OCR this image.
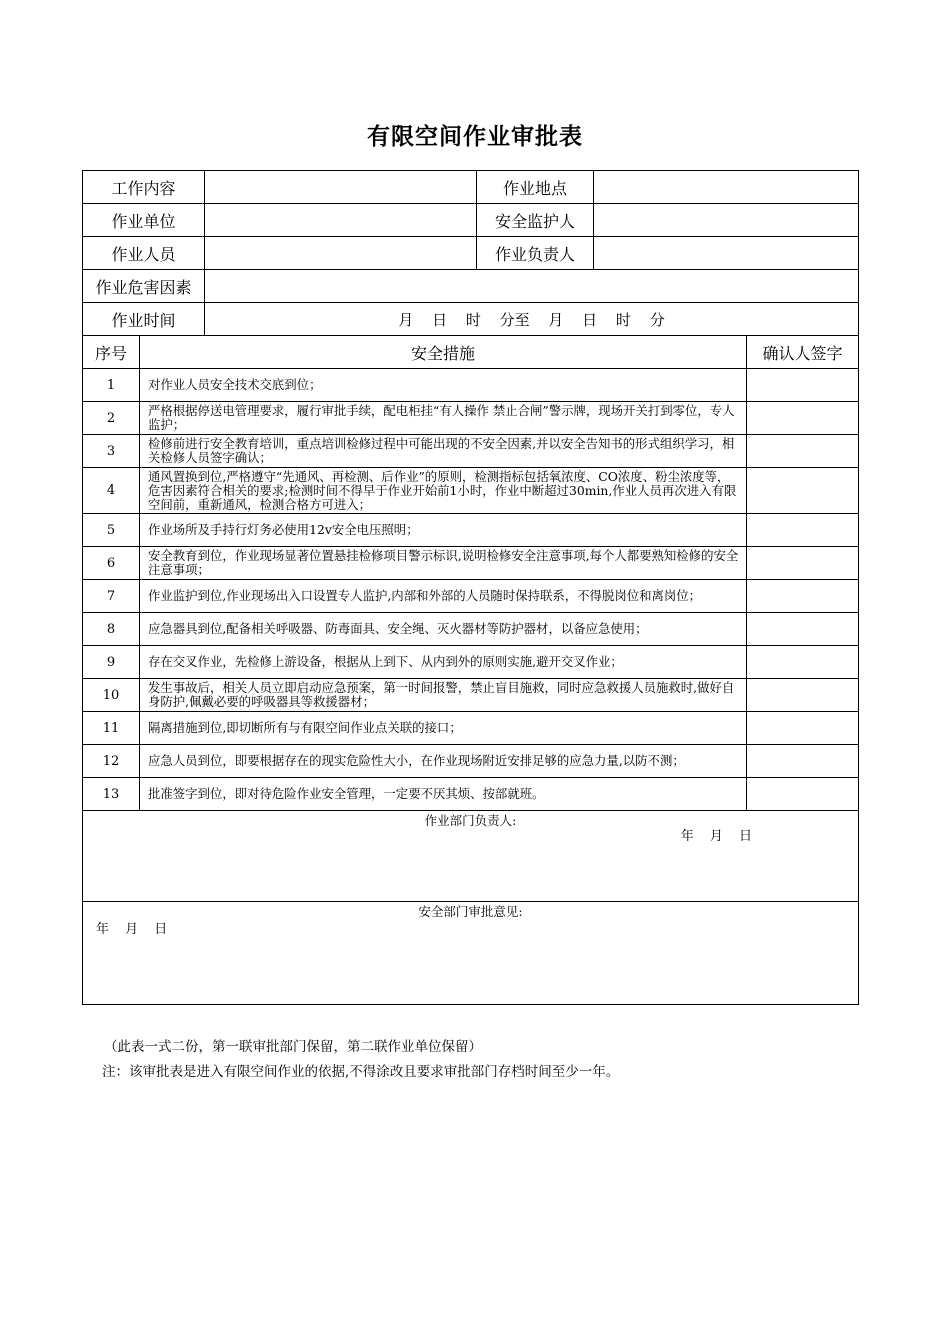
有限空间作业审批表
工作内容			作业地点		
作业单位			安全监护人		
作业人员			作业负责人		
作业危害因素					
作业时间		月 日 时 分至 月 日 时 分			
序号	安全措施				确认人签字
1	对作业人员安全技术交底到位；				
2	严格根据停送电管理要求，履行审批手续，配电柜挂“有人操作 禁止合闸”警示牌，现场开关打到零位，专人监护；				
3	检修前进行安全教育培训，重点培训检修过程中可能出现的不安全因素,并以安全告知书的形式组织学习，相关检修人员签字确认；				
4	通风置换到位,严格遵守“先通风、再检测、后作业”的原则，检测指标包括氧浓度、CO浓度、粉尘浓度等，危害因素符合相关的要求;检测时间不得早于作业开始前1小时，作业中断超过30min,作业人员再次进入有限空间前，重新通风，检测合格方可进入；				
5	作业场所及手持行灯务必使用12v安全电压照明；				
6	安全教育到位，作业现场显著位置悬挂检修项目警示标识,说明检修安全注意事项,每个人都要熟知检修的安全注意事项；				
7	作业监护到位,作业现场出入口设置专人监护,内部和外部的人员随时保持联系，不得脱岗位和离岗位；				
8	应急器具到位,配备相关呼吸器、防毒面具、安全绳、灭火器材等防护器材，以备应急使用；				
9	存在交叉作业，先检修上游设备，根据从上到下、从内到外的原则实施,避开交叉作业；				
10	发生事故后，相关人员立即启动应急预案，第一时间报警，禁止盲目施救，同时应急救援人员施救时,做好自身防护,佩戴必要的呼吸器具等救援器材；				
11	隔离措施到位,即切断所有与有限空间作业点关联的接口；				
12	应急人员到位，即要根据存在的现实危险性大小，在作业现场附近安排足够的应急力量,以防不测；				
13	批准签字到位，即对待危险作业安全管理，一定要不厌其烦、按部就班。				

作业部门负责人:
年 月 日					

安全部门审批意见:
年 月 日					
（此表一式二份，第一联审批部门保留，第二联作业单位保留）
注：该审批表是进入有限空间作业的依据,不得涂改且要求审批部门存档时间至少一年。
